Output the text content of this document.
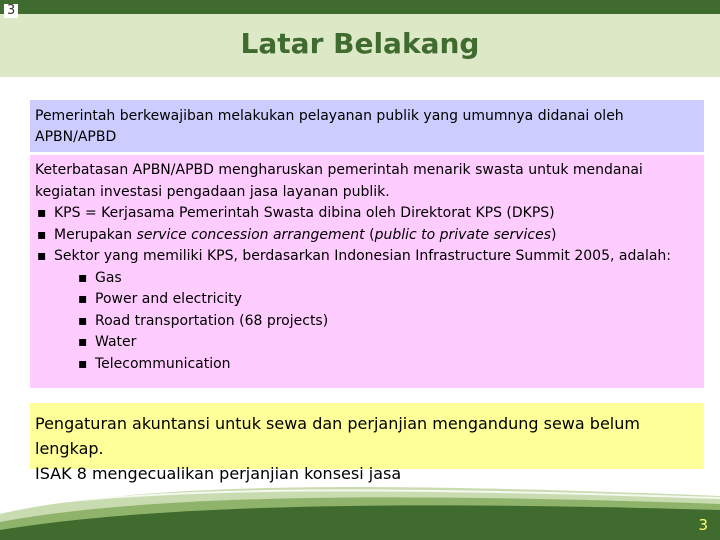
3
Latar Belakang
Pemerintah berkewajiban melakukan pelayanan publik yang umumnya didanai oleh APBN/APBD
Keterbatasan APBN/APBD mengharuskan pemerintah menarik swasta untuk mendanai kegiatan investasi pengadaan jasa layanan publik.
▪ KPS = Kerjasama Pemerintah Swasta dibina oleh Direktorat KPS (DKPS)
▪ Merupakan service concession arrangement (public to private services)
▪ Sektor yang memiliki KPS, berdasarkan Indonesian Infrastructure Summit 2005, adalah:
▪ Gas
▪ Power and electricity
▪ Road transportation (68 projects)
▪ Water
▪ Telecommunication
Pengaturan akuntansi untuk sewa dan perjanjian mengandung sewa belum lengkap.
ISAK 8 mengecualikan perjanjian konsesi jasa
3
